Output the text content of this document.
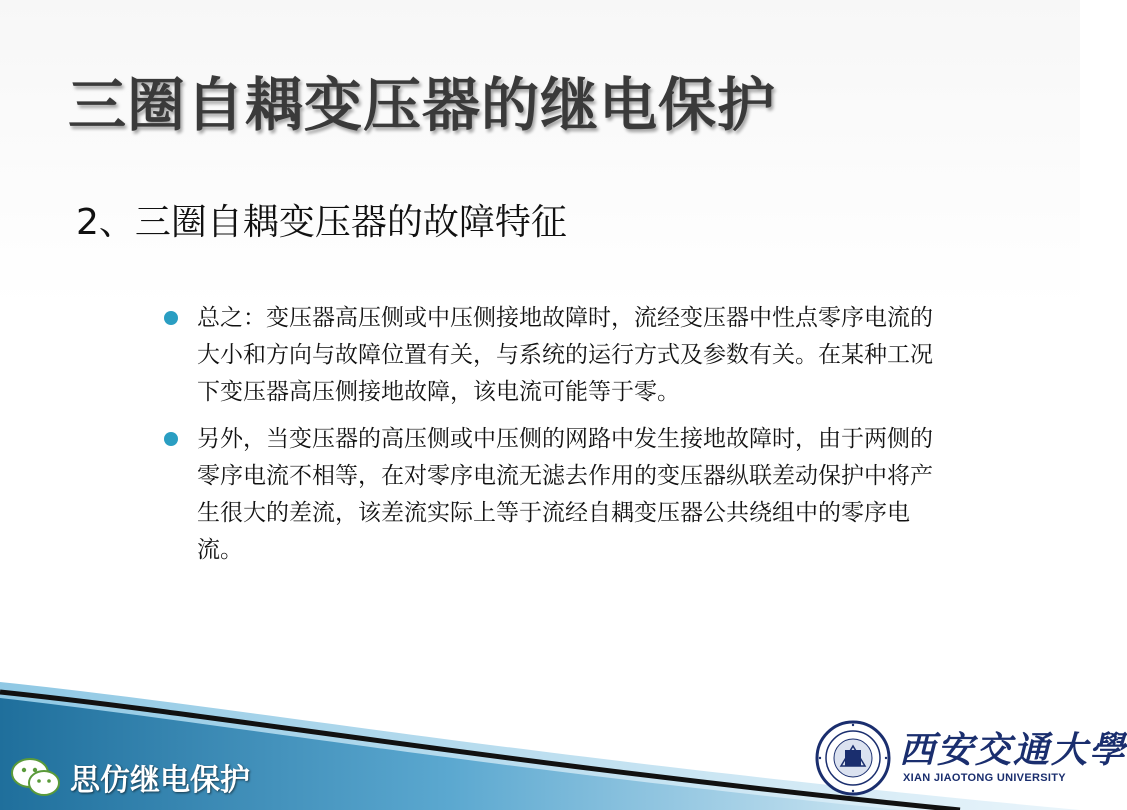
三圈自耦变压器的继电保护
2、三圈自耦变压器的故障特征
总之：变压器高压侧或中压侧接地故障时，流经变压器中性点零序电流的大小和方向与故障位置有关，与系统的运行方式及参数有关。在某种工况下变压器高压侧接地故障，该电流可能等于零。
另外，当变压器的高压侧或中压侧的网路中发生接地故障时，由于两侧的零序电流不相等，在对零序电流无滤去作用的变压器纵联差动保护中将产生很大的差流，该差流实际上等于流经自耦变压器公共绕组中的零序电流。
思仿继电保护
西安交通大學
XIAN JIAOTONG UNIVERSITY
